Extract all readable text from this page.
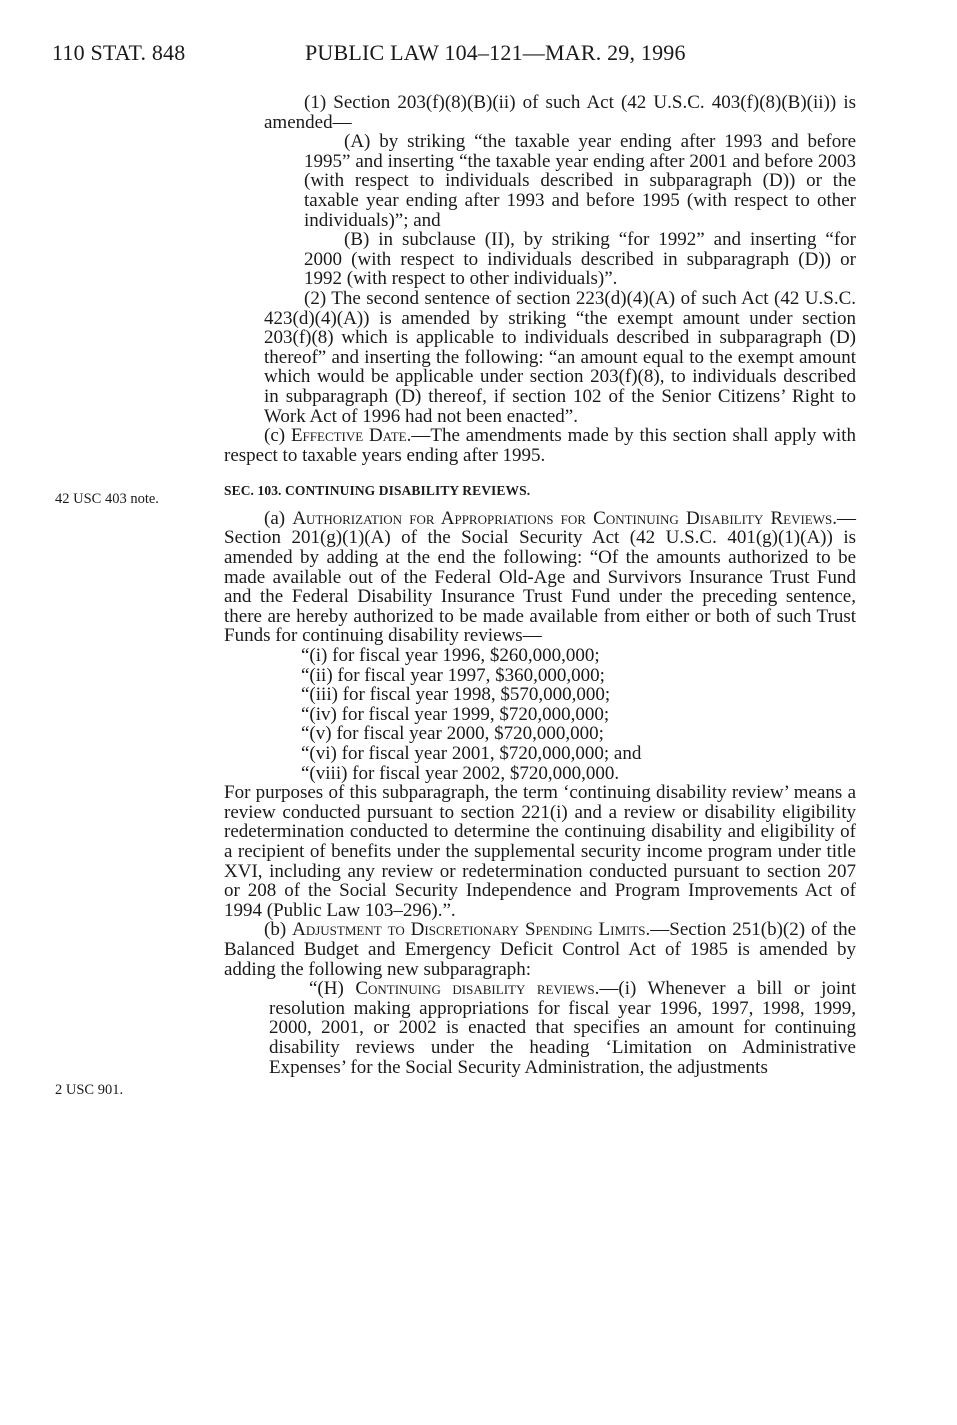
110 STAT. 848	PUBLIC LAW 104–121—MAR. 29, 1996
42 USC 403 note.
2 USC 901.

(1) Section 203(f)(8)(B)(ii) of such Act (42 U.S.C. 403(f)(8)(B)(ii)) is amended—

(A) by striking “the taxable year ending after 1993 and before 1995” and inserting “the taxable year ending after 2001 and before 2003 (with respect to individuals described in subparagraph (D)) or the taxable year ending after 1993 and before 1995 (with respect to other individuals)”; and

(B) in subclause (II), by striking “for 1992” and inserting “for 2000 (with respect to individuals described in subparagraph (D)) or 1992 (with respect to other individuals)”.

(2) The second sentence of section 223(d)(4)(A) of such Act (42 U.S.C. 423(d)(4)(A)) is amended by striking “the exempt amount under section 203(f)(8) which is applicable to individuals described in subparagraph (D) thereof” and inserting the following: “an amount equal to the exempt amount which would be applicable under section 203(f)(8), to individuals described in subparagraph (D) thereof, if section 102 of the Senior Citizens’ Right to Work Act of 1996 had not been enacted”.

(c) Effective Date.—The amendments made by this section shall apply with respect to taxable years ending after 1995.

SEC. 103. CONTINUING DISABILITY REVIEWS.

(a) Authorization for Appropriations for Continuing Disability Reviews.—Section 201(g)(1)(A) of the Social Security Act (42 U.S.C. 401(g)(1)(A)) is amended by adding at the end the following: “Of the amounts authorized to be made available out of the Federal Old-Age and Survivors Insurance Trust Fund and the Federal Disability Insurance Trust Fund under the preceding sentence, there are hereby authorized to be made available from either or both of such Trust Funds for continuing disability reviews—

“(i) for fiscal year 1996, $260,000,000;

“(ii) for fiscal year 1997, $360,000,000;

“(iii) for fiscal year 1998, $570,000,000;

“(iv) for fiscal year 1999, $720,000,000;

“(v) for fiscal year 2000, $720,000,000;

“(vi) for fiscal year 2001, $720,000,000; and

“(viii) for fiscal year 2002, $720,000,000.

For purposes of this subparagraph, the term ‘continuing disability review’ means a review conducted pursuant to section 221(i) and a review or disability eligibility redetermination conducted to determine the continuing disability and eligibility of a recipient of benefits under the supplemental security income program under title XVI, including any review or redetermination conducted pursuant to section 207 or 208 of the Social Security Independence and Program Improvements Act of 1994 (Public Law 103–296).”.

(b) Adjustment to Discretionary Spending Limits.—Section 251(b)(2) of the Balanced Budget and Emergency Deficit Control Act of 1985 is amended by adding the following new subparagraph:

“(H) Continuing disability reviews.—(i) Whenever a bill or joint resolution making appropriations for fiscal year 1996, 1997, 1998, 1999, 2000, 2001, or 2002 is enacted that specifies an amount for continuing disability reviews under the heading ‘Limitation on Administrative Expenses’ for the Social Security Administration, the adjustments
